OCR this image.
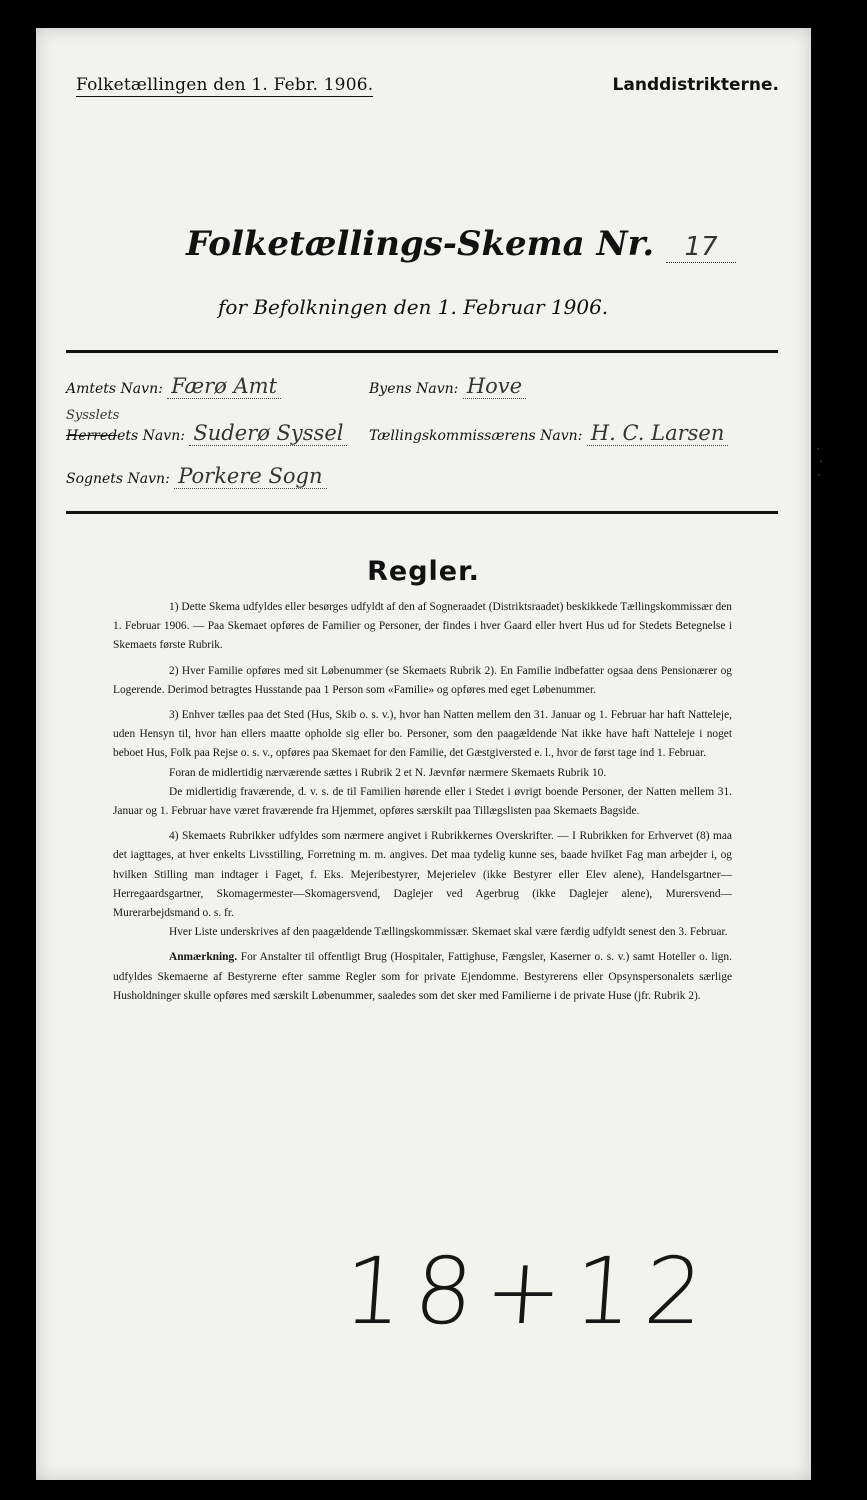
Folketællingen den 1. Febr. 1906.	Landdistrikterne.
Folketællings-Skema Nr. 17
for Befolkningen den 1. Februar 1906.
Amtets Navn: Færø Amt
Sysslets
Herredets Navn: Suderø Syssel
Sognets Navn: Porkere Sogn
Byens Navn: Hove
Tællingskommissærens Navn: H. C. Larsen
Regler.

1) Dette Skema udfyldes eller besørges udfyldt af den af Sogneraadet (Distriktsraadet) beskikkede Tællingskommissær den 1. Februar 1906. — Paa Skemaet opføres de Familier og Personer, der findes i hver Gaard eller hvert Hus ud for Stedets Betegnelse i Skemaets første Rubrik.

2) Hver Familie opføres med sit Løbenummer (se Skemaets Rubrik 2). En Familie indbefatter ogsaa dens Pensionærer og Logerende. Derimod betragtes Husstande paa 1 Person som «Familie» og opføres med eget Løbenummer.

3) Enhver tælles paa det Sted (Hus, Skib o. s. v.), hvor han Natten mellem den 31. Januar og 1. Februar har haft Natteleje, uden Hensyn til, hvor han ellers maatte opholde sig eller bo. Personer, som den paagældende Nat ikke have haft Natteleje i noget beboet Hus, Folk paa Rejse o. s. v., opføres paa Skemaet for den Familie, det Gæstgiversted e. l., hvor de først tage ind 1. Februar.

Foran de midlertidig nærværende sættes i Rubrik 2 et N. Jævnfør nærmere Skemaets Rubrik 10.

De midlertidig fraværende, d. v. s. de til Familien hørende eller i Stedet i øvrigt boende Personer, der Natten mellem 31. Januar og 1. Februar have været fraværende fra Hjemmet, opføres særskilt paa Tillægslisten paa Skemaets Bagside.

4) Skemaets Rubrikker udfyldes som nærmere angivet i Rubrikkernes Overskrifter. — I Rubrikken for Erhvervet (8) maa det iagttages, at hver enkelts Livsstilling, Forretning m. m. angives. Det maa tydelig kunne ses, baade hvilket Fag man arbejder i, og hvilken Stilling man indtager i Faget, f. Eks. Mejeribestyrer, Mejerielev (ikke Bestyrer eller Elev alene), Handelsgartner—Herregaardsgartner, Skomagermester—Skomagersvend, Daglejer ved Agerbrug (ikke Daglejer alene), Murersvend—Murerarbejdsmand o. s. fr.

Hver Liste underskrives af den paagældende Tællingskommissær. Skemaet skal være færdig udfyldt senest den 3. Februar.

Anmærkning. For Anstalter til offentligt Brug (Hospitaler, Fattighuse, Fængsler, Kaserner o. s. v.) samt Hoteller o. lign. udfyldes Skemaerne af Bestyrerne efter samme Regler som for private Ejendomme. Bestyrerens eller Opsynspersonalets særlige Husholdninger skulle opføres med særskilt Løbenummer, saaledes som det sker med Familierne i de private Huse (jfr. Rubrik 2).

18+12
